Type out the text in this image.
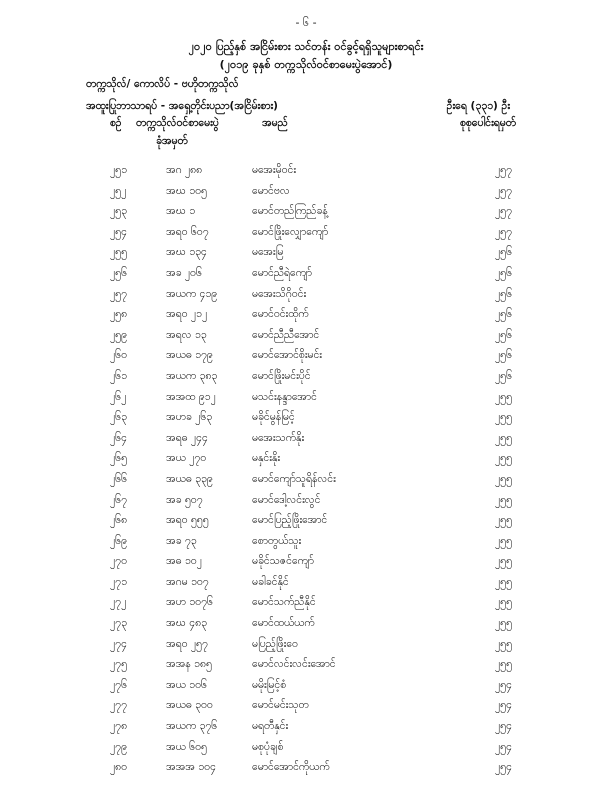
- ၆ -
၂၀၂၀ ပြည့်နှစ် အငြိမ်းစား သင်တန်း ဝင်ခွင့်ရရှိသူများစာရင်း
(၂၀၁၉ ခုနှစ် တက္ကသိုလ်ဝင်စာမေးပွဲအောင်)
တက္ကသိုလ်/ ကောလိပ် - ဗဟိုတက္ကသိုလ်
အထူးပြုဘာသာရပ် - အရှေ့တိုင်းပညာ(အငြိမ်းစား)	ဦးရေ (၃၃၁) ဦး
စဉ် တက္ကသိုလ်ဝင်စာမေးပွဲ
ခုံအမှတ်
အမည်	စုစုပေါင်းရမှတ်
၂၅၁	အဂ ၂၈၈	မအေးမိုဝင်း	၂၅၇
၂၅၂	အဃ ၁၀၅	မောင်ဗလ	၂၅၇
၂၅၃	အဃ ၁	မောင်တည်ကြည်ခန့်	၂၅၇
၂၅၄	အရဝ ၆၀၇	မောင်ဖြိုးလျှောကျော်	၂၅၇
၂၅၅	အဃ ၁၃၄	မအေးမြ	၂၅၆
၂၅၆	အခ ၂၀၆	မောင်ညီရဲကျော်	၂၅၆
၂၅၇	အယက ၄၁၉	မအေးသိဂိုဝင်း	၂၅၆
၂၅၈	အရဝ ၂၁၂	မောင်ဝင်းထိုက်	၂၅၆
၂၅၉	အရလ ၁၃	မောင်ညီညီအောင်	၂၅၆
၂၆၀	အယဓ ၁၇၉	မောင်အောင်စိုးမင်း	၂၅၆
၂၆၁	အယက ၃၈၃	မောင်ဖြိုးမင်းပိုင်	၂၅၆
၂၆၂	အအထ ၉၁၂	မသင်းနန္ဒာအောင်	၂၅၅
၂၆၃	အဟခ ၂၆၃	မခိုင်မွန်မြင့်	၂၅၅
၂၆၄	အရဓ ၂၄၄	မအေးသက်နိုး	၂၅၅
၂၆၅	အယ ၂၇၀	မနှင်းနိုး	၂၅၅
၂၆၆	အယဓ ၃၃၉	မောင်ကျော်သူရိန်လင်း	၂၅၅
၂၆၇	အခ ၅၀၇	မောင်ဒေါ့လင်းလွင်	၂၅၅
၂၆၈	အရဝ ၅၅၅	မောင်ပြည့်ဖြိုးအောင်	၂၅၅
၂၆၉	အခ ၇၃	စောတွယ်သူး	၂၅၅
၂၇၀	အဓ ၁၀၂	မခိုင်သဇင်ကျော်	၂၅၅
၂၇၁	အဂမ ၁၀၇	မခါခင်နိုင်	၂၅၅
၂၇၂	အဟ ၁၀၇၆	မောင်သက်ညီနိုင်	၂၅၅
၂၇၃	အဃ ၄၈၃	မောင်ထယ်ယက်	၂၅၅
၂၇၄	အရဝ ၂၅၇	မပြည့်ဖြိုးဝေ	၂၅၅
၂၇၅	အအန ၁၈၅	မောင်လင်းလင်းအောင်	၂၅၅
၂၇၆	အယ ၁၀၆	မမိုးမြင့်စံ	၂၅၄
၂၇၇	အယဓ ၃၀၀	မောင်မင်းသုတ	၂၅၄
၂၇၈	အယက ၃၇၆	မရတီနှင်း	၂၅၄
၂၇၉	အယ ၆၀၅	မစုပုံချစ်	၂၅၄
၂၈၀	အအအ ၁၀၄	မောင်အောင်ကိုယက်	၂၅၄
